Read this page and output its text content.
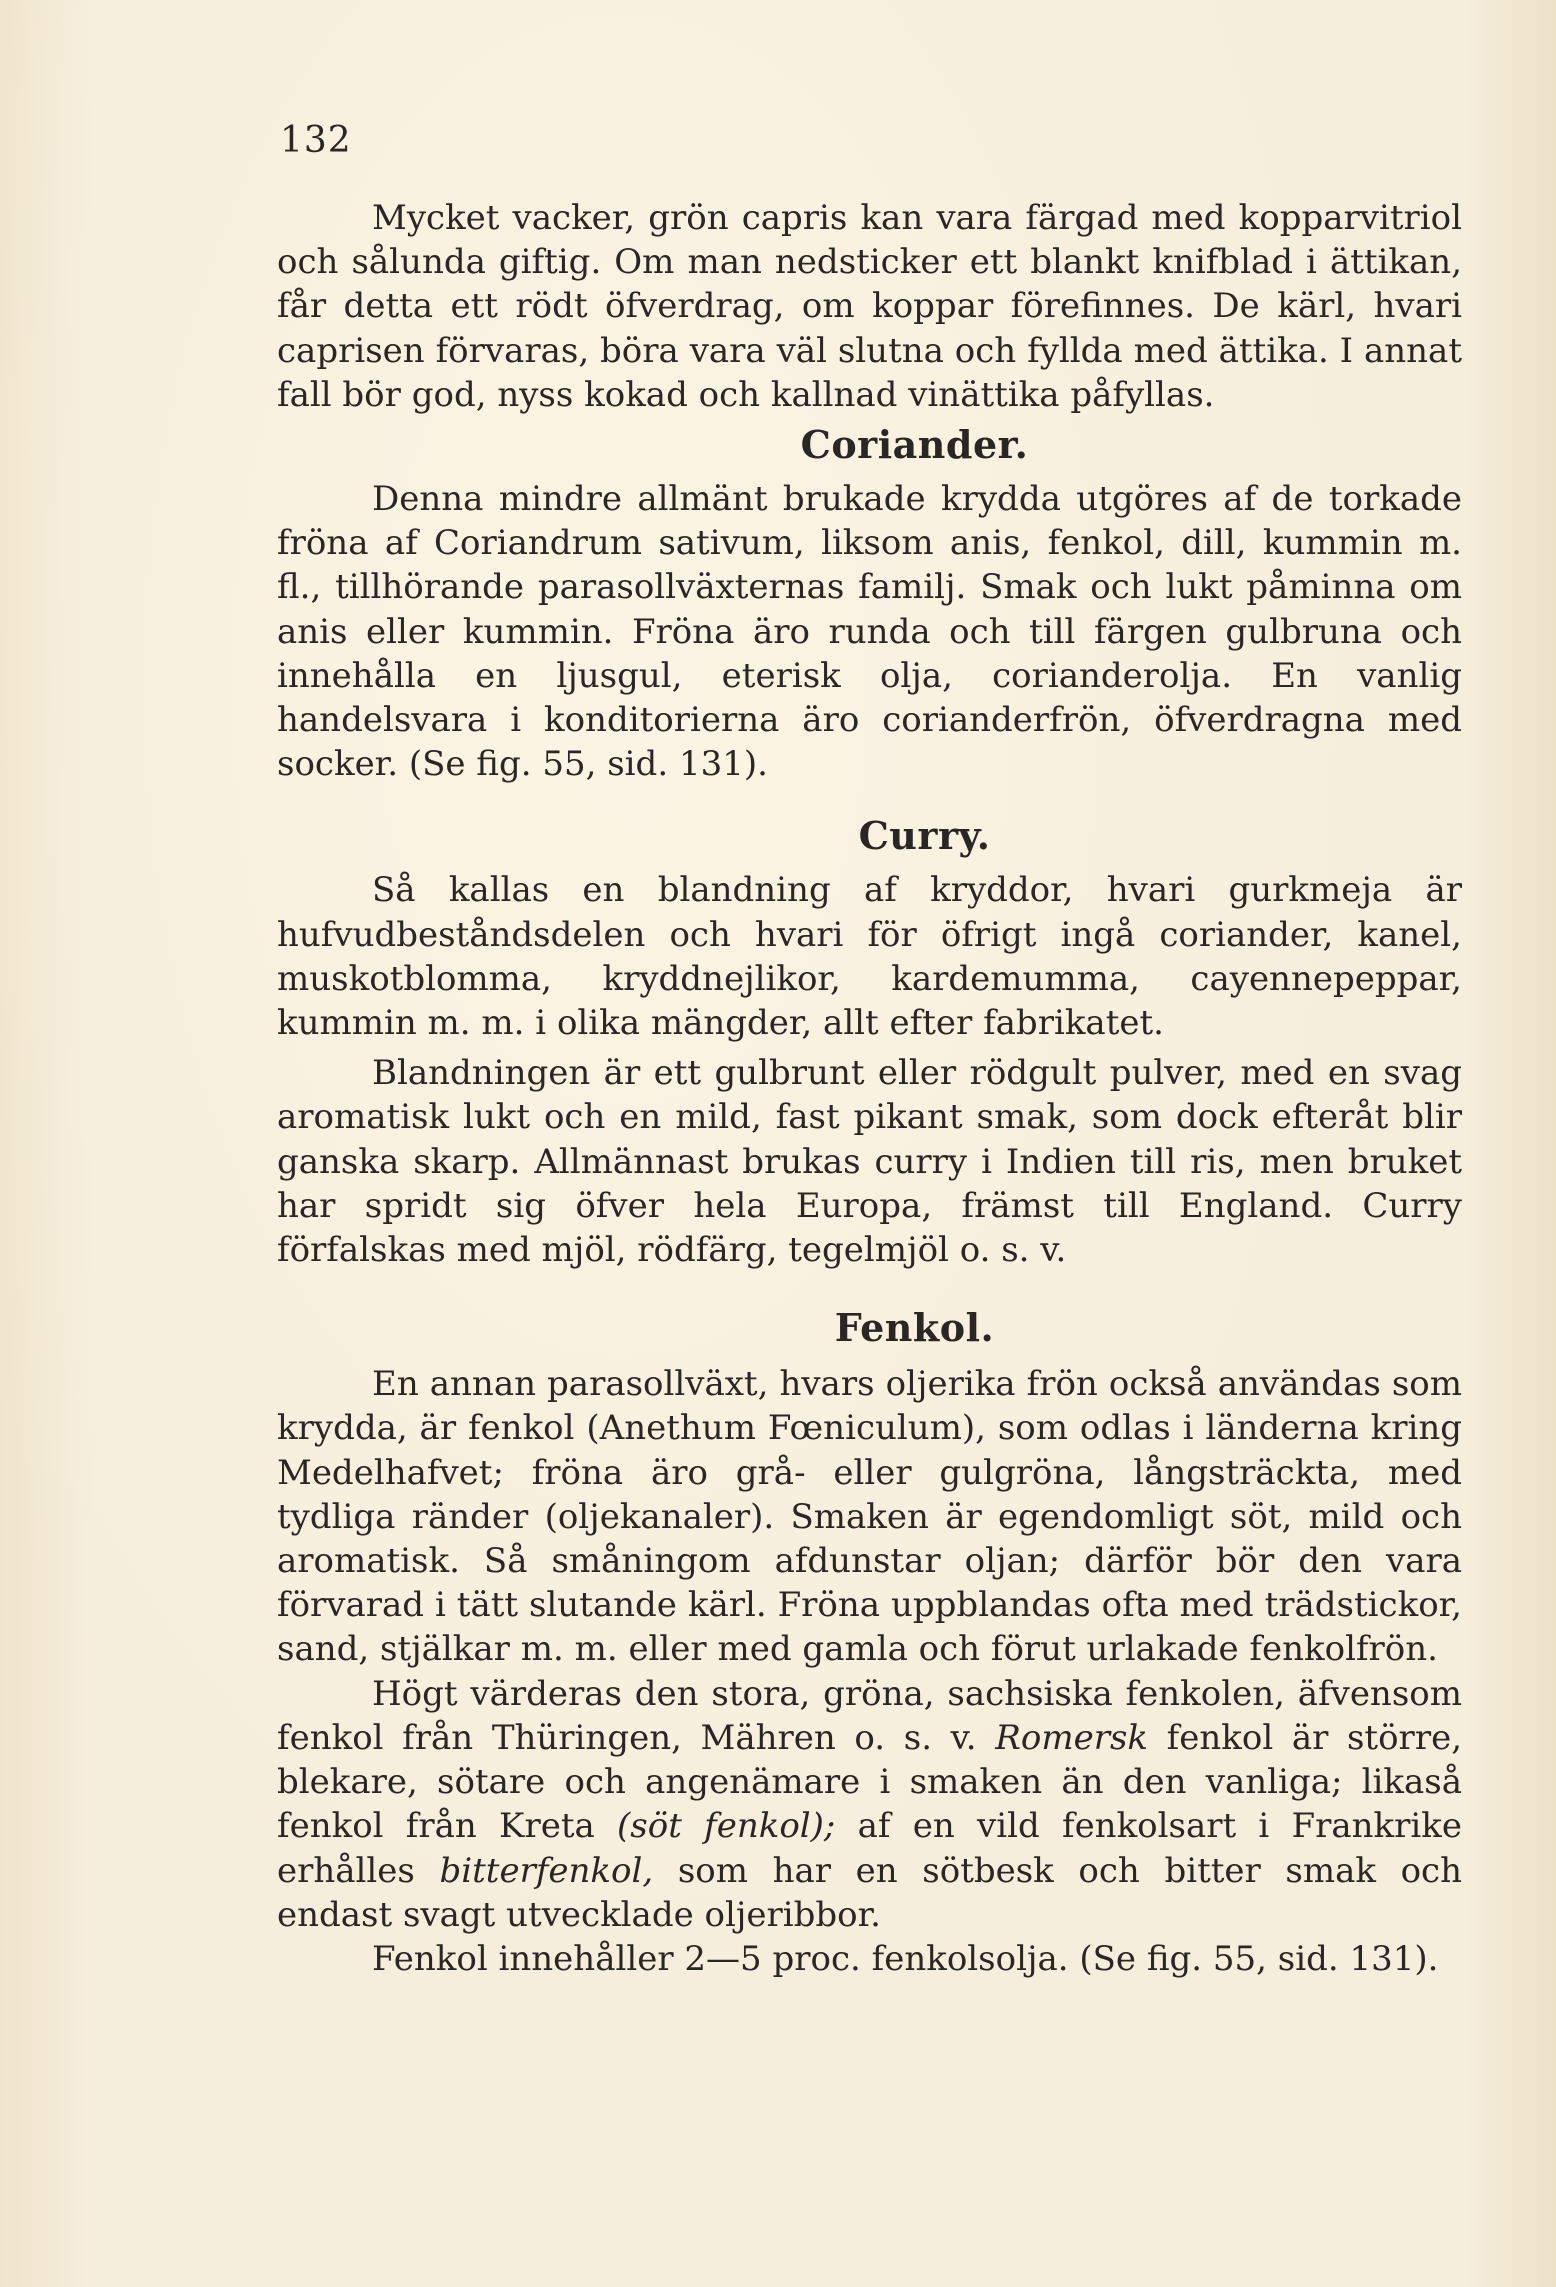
132

Mycket vacker, grön capris kan vara färgad med kopparvitriol och sålunda giftig. Om man nedsticker ett blankt knifblad i ättikan, får detta ett rödt öfverdrag, om koppar förefinnes. De kärl, hvari caprisen förvaras, böra vara väl slutna och fyllda med ättika. I annat fall bör god, nyss kokad och kallnad vinättika påfyllas.

Coriander.

Denna mindre allmänt brukade krydda utgöres af de torkade fröna af Coriandrum sativum, liksom anis, fenkol, dill, kummin m. fl., tillhörande parasollväxternas familj. Smak och lukt påminna om anis eller kummin. Fröna äro runda och till färgen gulbruna och innehålla en ljusgul, eterisk olja, corianderolja. En vanlig handelsvara i konditorierna äro corianderfrön, öfverdragna med socker. (Se fig. 55, sid. 131).

Curry.

Så kallas en blandning af kryddor, hvari gurkmeja är hufvudbeståndsdelen och hvari för öfrigt ingå coriander, kanel, muskotblomma, kryddnejlikor, kardemumma, cayennepeppar, kummin m. m. i olika mängder, allt efter fabrikatet.

Blandningen är ett gulbrunt eller rödgult pulver, med en svag aromatisk lukt och en mild, fast pikant smak, som dock efteråt blir ganska skarp. Allmännast brukas curry i Indien till ris, men bruket har spridt sig öfver hela Europa, främst till England. Curry förfalskas med mjöl, rödfärg, tegelmjöl o. s. v.

Fenkol.

En annan parasollväxt, hvars oljerika frön också användas som krydda, är fenkol (Anethum Fœniculum), som odlas i länderna kring Medelhafvet; fröna äro grå- eller gulgröna, långsträckta, med tydliga ränder (oljekanaler). Smaken är egendomligt söt, mild och aromatisk. Så småningom afdunstar oljan; därför bör den vara förvarad i tätt slutande kärl. Fröna uppblandas ofta med trädstickor, sand, stjälkar m. m. eller med gamla och förut urlakade fenkolfrön.

Högt värderas den stora, gröna, sachsiska fenkolen, äfvensom fenkol från Thüringen, Mähren o. s. v. Romersk fenkol är större, blekare, sötare och angenämare i smaken än den vanliga; likaså fenkol från Kreta (söt fenkol); af en vild fenkolsart i Frankrike erhålles bitterfenkol, som har en sötbesk och bitter smak och endast svagt utvecklade oljeribbor.

Fenkol innehåller 2—5 proc. fenkolsolja. (Se fig. 55, sid. 131).
